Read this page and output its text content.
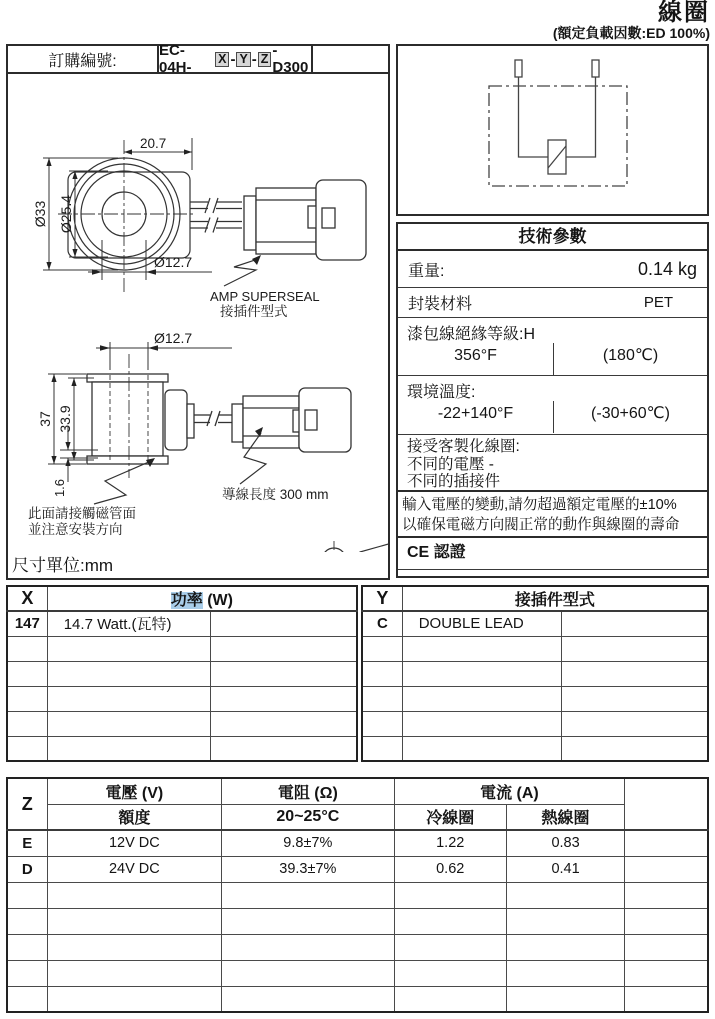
線圈
(額定負載因數:ED 100%)
訂購編號:
EC-04H-
X - Y - Z -D300
AMP SUPERSEAL
接插件型式
20.7
Ø33 Ø25.4
Ø12.7
Ø12.7
37 33.9
1.6
此面請接觸磁管面
並注意安裝方向
導線長度 300 mm
尺寸單位:mm
技術參數
重量:	0.14 kg
封裝材料	PET
漆包線絕緣等級:H
356°F	(180℃)
環境溫度:
-22+140°F	(-30+60℃)
接受客製化線圈:
不同的電壓 -
不同的插接件
輸入電壓的變動,請勿超過額定電壓的±10%
以確保電磁方向閥正常的動作與線圈的壽命
CE 認證
X	功率 (W)	
147	14.7 Watt.(瓦特)	

Y	接插件型式	
C	DOUBLE LEAD	

Z	電壓 (V)	電阻 (Ω)	電流 (A)		
	額度	20~25°C	冷線圈	熱線圈	
E	12V DC	9.8±7%	1.22	0.83	
D	24V DC	39.3±7%	0.62	0.41	
